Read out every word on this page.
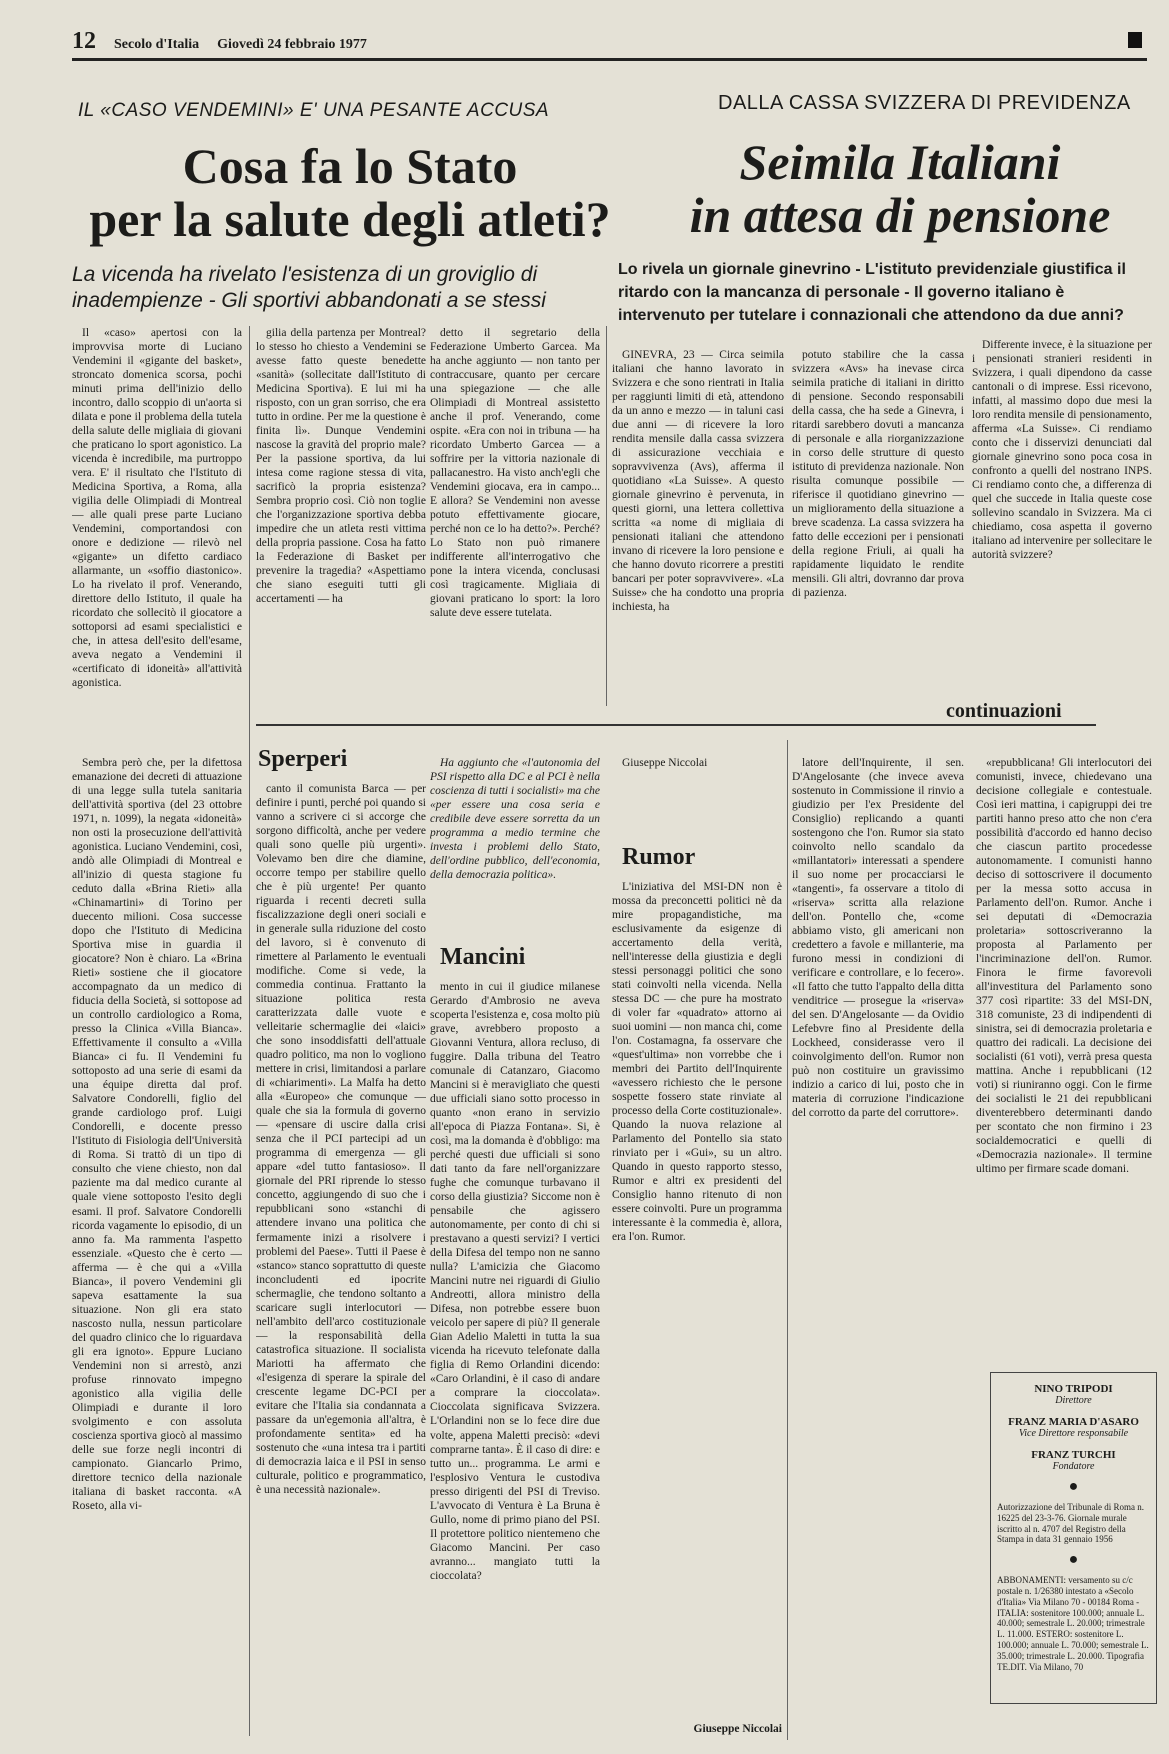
12 Secolo d'Italia Giovedì 24 febbraio 1977
IL «CASO VENDEMINI» E' UNA PESANTE ACCUSA
Cosa fa lo Stato
per la salute degli atleti?
La vicenda ha rivelato l'esistenza di un groviglio di inadempienze - Gli sportivi abbandonati a se stessi
DALLA CASSA SVIZZERA DI PREVIDENZA
Seimila Italiani
in attesa di pensione
Lo rivela un giornale ginevrino - L'istituto previdenziale giustifica il ritardo con la mancanza di personale - Il governo italiano è intervenuto per tutelare i connazionali che attendono da due anni?

Il «caso» apertosi con la improvvisa morte di Luciano Vendemini il «gigante del basket», stroncato domenica scorsa, pochi minuti prima dell'inizio dello incontro, dallo scoppio di un'aorta si dilata e pone il problema della tutela della salute delle migliaia di giovani che praticano lo sport agonistico. La vicenda è incredibile, ma purtroppo vera. E' il risultato che l'Istituto di Medicina Sportiva, a Roma, alla vigilia delle Olimpiadi di Montreal — alle quali prese parte Luciano Vendemini, comportandosi con onore e dedizione — rilevò nel «gigante» un difetto cardiaco allarmante, un «soffio diastonico». Lo ha rivelato il prof. Venerando, direttore dello Istituto, il quale ha ricordato che sollecitò il giocatore a sottoporsi ad esami specialistici e che, in attesa dell'esito dell'esame, aveva negato a Vendemini il «certificato di idoneità» all'attività agonistica.

gilia della partenza per Montreal? lo stesso ho chiesto a Vendemini se avesse fatto queste benedette «sanità» (sollecitate dall'Istituto di Medicina Sportiva). E lui mi ha risposto, con un gran sorriso, che era tutto in ordine. Per me la questione è finita lì». Dunque Vendemini nascose la gravità del proprio male? Per la passione sportiva, da lui intesa come ragione stessa di vita, sacrificò la propria esistenza? Sembra proprio così. Ciò non toglie che l'organizzazione sportiva debba impedire che un atleta resti vittima della propria passione. Cosa ha fatto la Federazione di Basket per prevenire la tragedia? «Aspettiamo che siano eseguiti tutti gli accertamenti — ha

detto il segretario della Federazione Umberto Garcea. Ma ha anche aggiunto — non tanto per contraccusare, quanto per cercare una spiegazione — che alle Olimpiadi di Montreal assistetto anche il prof. Venerando, come ospite. «Era con noi in tribuna — ha ricordato Umberto Garcea — a soffrire per la vittoria nazionale di pallacanestro. Ha visto anch'egli che Vendemini giocava, era in campo... E allora? Se Vendemini non avesse potuto effettivamente giocare, perché non ce lo ha detto?». Perché? Lo Stato non può rimanere indifferente all'interrogativo che pone la intera vicenda, conclusasi così tragicamente. Migliaia di giovani praticano lo sport: la loro salute deve essere tutelata.

GINEVRA, 23 — Circa seimila italiani che hanno lavorato in Svizzera e che sono rientrati in Italia per raggiunti limiti di età, attendono da un anno e mezzo — in taluni casi due anni — di ricevere la loro rendita mensile dalla cassa svizzera di assicurazione vecchiaia e sopravvivenza (Avs), afferma il quotidiano «La Suisse». A questo giornale ginevrino è pervenuta, in questi giorni, una lettera collettiva scritta «a nome di migliaia di pensionati italiani che attendono invano di ricevere la loro pensione e che hanno dovuto ricorrere a prestiti bancari per poter sopravvivere». «La Suisse» che ha condotto una propria inchiesta, ha

potuto stabilire che la cassa svizzera «Avs» ha inevase circa seimila pratiche di italiani in diritto di pensione. Secondo responsabili della cassa, che ha sede a Ginevra, i ritardi sarebbero dovuti a mancanza di personale e alla riorganizzazione in corso delle strutture di questo istituto di previdenza nazionale. Non risulta comunque possibile — riferisce il quotidiano ginevrino — un miglioramento della situazione a breve scadenza. La cassa svizzera ha fatto delle eccezioni per i pensionati della regione Friuli, ai quali ha rapidamente liquidato le rendite mensili. Gli altri, dovranno dar prova di pazienza.

Differente invece, è la situazione per i pensionati stranieri residenti in Svizzera, i quali dipendono da casse cantonali o di imprese. Essi ricevono, infatti, al massimo dopo due mesi la loro rendita mensile di pensionamento, afferma «La Suisse». Ci rendiamo conto che i disservizi denunciati dal giornale ginevrino sono poca cosa in confronto a quelli del nostrano INPS. Ci rendiamo conto che, a differenza di quel che succede in Italia queste cose sollevino scandalo in Svizzera. Ma ci chiediamo, cosa aspetta il governo italiano ad intervenire per sollecitare le autorità svizzere?

continuazioni

Sembra però che, per la difettosa emanazione dei decreti di attuazione di una legge sulla tutela sanitaria dell'attività sportiva (del 23 ottobre 1971, n. 1099), la negata «idoneità» non osti la prosecuzione dell'attività agonistica. Luciano Vendemini, così, andò alle Olimpiadi di Montreal e all'inizio di questa stagione fu ceduto dalla «Brina Rieti» alla «Chinamartini» di Torino per duecento milioni. Cosa successe dopo che l'Istituto di Medicina Sportiva mise in guardia il giocatore? Non è chiaro. La «Brina Rieti» sostiene che il giocatore accompagnato da un medico di fiducia della Società, si sottopose ad un controllo cardiologico a Roma, presso la Clinica «Villa Bianca». Effettivamente il consulto a «Villa Bianca» ci fu. Il Vendemini fu sottoposto ad una serie di esami da una équipe diretta dal prof. Salvatore Condorelli, figlio del grande cardiologo prof. Luigi Condorelli, e docente presso l'Istituto di Fisiologia dell'Università di Roma. Si trattò di un tipo di consulto che viene chiesto, non dal paziente ma dal medico curante al quale viene sottoposto l'esito degli esami. Il prof. Salvatore Condorelli ricorda vagamente lo episodio, di un anno fa. Ma rammenta l'aspetto essenziale. «Questo che è certo — afferma — è che qui a «Villa Bianca», il povero Vendemini gli sapeva esattamente la sua situazione. Non gli era stato nascosto nulla, nessun particolare del quadro clinico che lo riguardava gli era ignoto». Eppure Luciano Vendemini non si arrestò, anzi profuse rinnovato impegno agonistico alla vigilia delle Olimpiadi e durante il loro svolgimento e con assoluta coscienza sportiva giocò al massimo delle sue forze negli incontri di campionato. Giancarlo Primo, direttore tecnico della nazionale italiana di basket racconta. «A Roseto, alla vi-

Sperperi

canto il comunista Barca — per definire i punti, perché poi quando si vanno a scrivere ci si accorge che sorgono difficoltà, anche per vedere quali sono quelle più urgenti». Volevamo ben dire che diamine, occorre tempo per stabilire quello che è più urgente! Per quanto riguarda i recenti decreti sulla fiscalizzazione degli oneri sociali e in generale sulla riduzione del costo del lavoro, si è convenuto di rimettere al Parlamento le eventuali modifiche. Come si vede, la commedia continua. Frattanto la situazione politica resta caratterizzata dalle vuote e velleitarie schermaglie dei «laici» che sono insoddisfatti dell'attuale quadro politico, ma non lo vogliono mettere in crisi, limitandosi a parlare di «chiarimenti». La Malfa ha detto alla «Europeo» che comunque — quale che sia la formula di governo — «pensare di uscire dalla crisi senza che il PCI partecipi ad un programma di emergenza — gli appare «del tutto fantasioso». Il giornale del PRI riprende lo stesso concetto, aggiungendo di suo che i repubblicani sono «stanchi di attendere invano una politica che fermamente inizi a risolvere i problemi del Paese». Tutti il Paese è «stanco» stanco soprattutto di queste inconcludenti ed ipocrite schermaglie, che tendono soltanto a scaricare sugli interlocutori — nell'ambito dell'arco costituzionale — la responsabilità della catastrofica situazione. Il socialista Mariotti ha affermato che «l'esigenza di sperare la spirale del crescente legame DC-PCI per evitare che l'Italia sia condannata a passare da un'egemonia all'altra, è profondamente sentita» ed ha sostenuto che «una intesa tra i partiti di democrazia laica e il PSI in senso culturale, politico e programmatico, è una necessità nazionale».

Ha aggiunto che «l'autonomia del PSI rispetto alla DC e al PCI è nella coscienza di tutti i socialisti» ma che «per essere una cosa seria e credibile deve essere sorretta da un programma a medio termine che investa i problemi dello Stato, dell'ordine pubblico, dell'economia, della democrazia politica».

Mancini

mento in cui il giudice milanese Gerardo d'Ambrosio ne aveva scoperta l'esistenza e, cosa molto più grave, avrebbero proposto a Giovanni Ventura, allora recluso, di fuggire. Dalla tribuna del Teatro comunale di Catanzaro, Giacomo Mancini si è meravigliato che questi due ufficiali siano sotto processo in quanto «non erano in servizio all'epoca di Piazza Fontana». Si, è così, ma la domanda è d'obbligo: ma perché questi due ufficiali si sono dati tanto da fare nell'organizzare fughe che comunque turbavano il corso della giustizia? Siccome non è pensabile che agissero autonomamente, per conto di chi si prestavano a questi servizi? I vertici della Difesa del tempo non ne sanno nulla? L'amicizia che Giacomo Mancini nutre nei riguardi di Giulio Andreotti, allora ministro della Difesa, non potrebbe essere buon veicolo per sapere di più? Il generale Gian Adelio Maletti in tutta la sua vicenda ha ricevuto telefonate dalla figlia di Remo Orlandini dicendo: «Caro Orlandini, è il caso di andare a comprare la cioccolata». Cioccolata significava Svizzera. L'Orlandini non se lo fece dire due volte, appena Maletti precisò: «devi comprarne tanta». È il caso di dire: e tutto un... programma. Le armi e l'esplosivo Ventura le custodiva presso dirigenti del PSI di Treviso. L'avvocato di Ventura è La Bruna è Gullo, nome di primo piano del PSI. Il protettore politico nientemeno che Giacomo Mancini. Per caso avranno... mangiato tutti la cioccolata?

Giuseppe Niccolai
Rumor

Giuseppe Niccolai

L'iniziativa del MSI-DN non è mossa da preconcetti politici nè da mire propagandistiche, ma esclusivamente da esigenze di accertamento della verità, nell'interesse della giustizia e degli stessi personaggi politici che sono stati coinvolti nella vicenda. Nella stessa DC — che pure ha mostrato di voler far «quadrato» attorno ai suoi uomini — non manca chi, come l'on. Costamagna, fa osservare che «quest'ultima» non vorrebbe che i membri dei Partito dell'Inquirente «avessero richiesto che le persone sospette fossero state rinviate al processo della Corte costituzionale». Quando la nuova relazione al Parlamento del Pontello sia stato rinviato per i «Gui», su un altro. Quando in questo rapporto stesso, Rumor e altri ex presidenti del Consiglio hanno ritenuto di non essere coinvolti. Pure un programma interessante è la commedia è, allora, era l'on. Rumor.

latore dell'Inquirente, il sen. D'Angelosante (che invece aveva sostenuto in Commissione il rinvio a giudizio per l'ex Presidente del Consiglio) replicando a quanti sostengono che l'on. Rumor sia stato coinvolto nello scandalo da «millantatori» interessati a spendere il suo nome per procacciarsi le «tangenti», fa osservare a titolo di «riserva» scritta alla relazione dell'on. Pontello che, «come abbiamo visto, gli americani non credettero a favole e millanterie, ma furono messi in condizioni di verificare e controllare, e lo fecero». «Il fatto che tutto l'appalto della ditta venditrice — prosegue la «riserva» del sen. D'Angelosante — da Ovidio Lefebvre fino al Presidente della Lockheed, considerasse vero il coinvolgimento dell'on. Rumor non può non costituire un gravissimo indizio a carico di lui, posto che in materia di corruzione l'indicazione del corrotto da parte del corruttore».

«repubblicana! Gli interlocutori dei comunisti, invece, chiedevano una decisione collegiale e contestuale. Così ieri mattina, i capigruppi dei tre partiti hanno preso atto che non c'era possibilità d'accordo ed hanno deciso che ciascun partito procedesse autonomamente. I comunisti hanno deciso di sottoscrivere il documento per la messa sotto accusa in Parlamento dell'on. Rumor. Anche i sei deputati di «Democrazia proletaria» sottoscriveranno la proposta al Parlamento per l'incriminazione dell'on. Rumor. Finora le firme favorevoli all'investitura del Parlamento sono 377 così ripartite: 33 del MSI-DN, 318 comuniste, 23 di indipendenti di sinistra, sei di democrazia proletaria e quattro dei radicali. La decisione dei socialisti (61 voti), verrà presa questa mattina. Anche i repubblicani (12 voti) si riuniranno oggi. Con le firme dei socialisti le 21 dei repubblicani diventerebbero determinanti dando per scontato che non firmino i 23 socialdemocratici e quelli di «Democrazia nazionale». Il termine ultimo per firmare scade domani.

NINO TRIPODI
Direttore
FRANZ MARIA D'ASARO
Vice Direttore responsabile
FRANZ TURCHI
Fondatore
●
Autorizzazione del Tribunale di Roma n. 16225 del 23-3-76. Giornale murale iscritto al n. 4707 del Registro della Stampa in data 31 gennaio 1956
●
ABBONAMENTI: versamento su c/c postale n. 1/26380 intestato a «Secolo d'Italia» Via Milano 70 - 00184 Roma - ITALIA: sostenitore 100.000; annuale L. 40.000; semestrale L. 20.000; trimestrale L. 11.000. ESTERO: sostenitore L. 100.000; annuale L. 70.000; semestrale L. 35.000; trimestrale L. 20.000. Tipografia TE.DIT. Via Milano, 70
